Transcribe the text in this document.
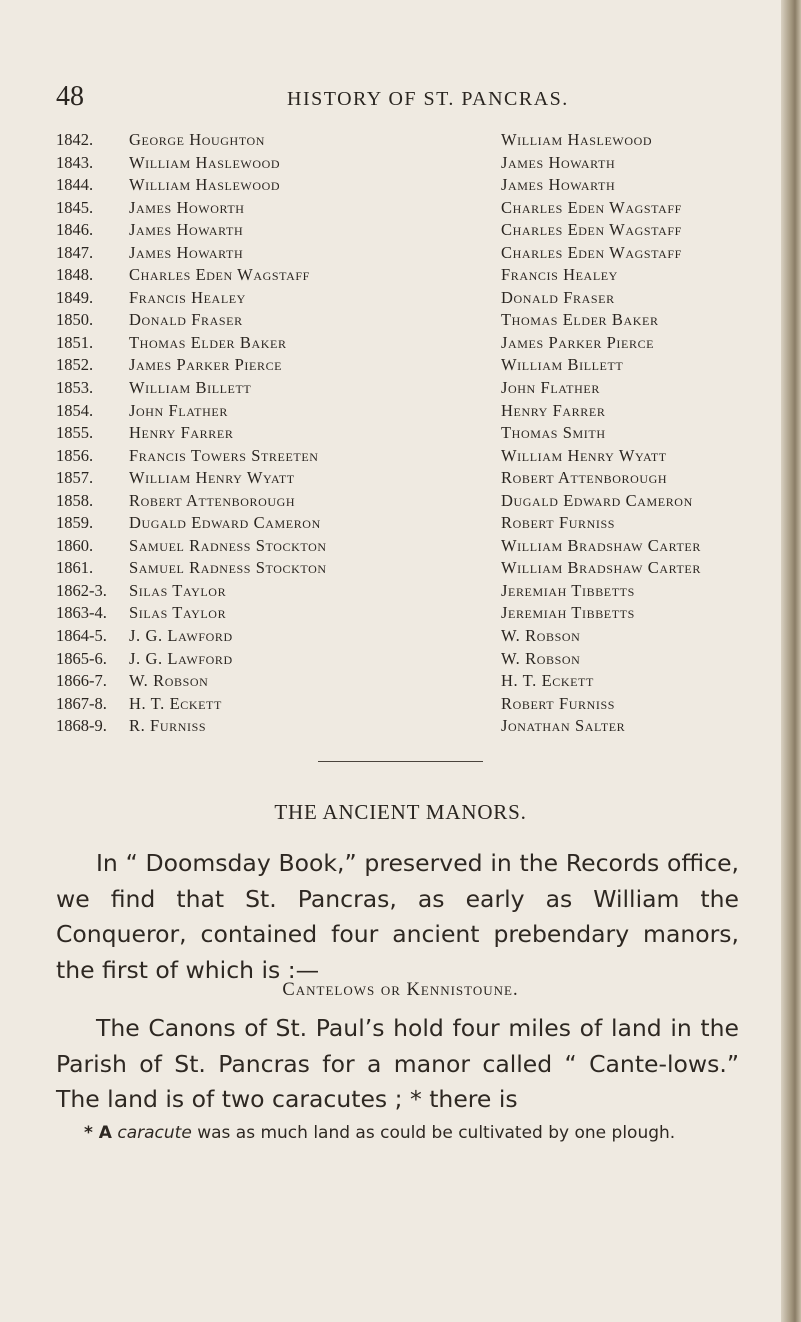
48	HISTORY OF ST. PANCRAS.
1842. George Houghton	William Haslewood
1843. William Haslewood	James Howarth
1844. William Haslewood	James Howarth
1845. James Howorth	Charles Eden Wagstaff
1846. James Howarth	Charles Eden Wagstaff
1847. James Howarth	Charles Eden Wagstaff
1848. Charles Eden Wagstaff	Francis Healey
1849. Francis Healey	Donald Fraser
1850. Donald Fraser	Thomas Elder Baker
1851. Thomas Elder Baker	James Parker Pierce
1852. James Parker Pierce	William Billett
1853. William Billett	John Flather
1854. John Flather	Henry Farrer
1855. Henry Farrer	Thomas Smith
1856. Francis Towers Streeten	William Henry Wyatt
1857. William Henry Wyatt	Robert Attenborough
1858. Robert Attenborough	Dugald Edward Cameron
1859. Dugald Edward Cameron	Robert Furniss
1860. Samuel Radness Stockton	William Bradshaw Carter
1861. Samuel Radness Stockton	William Bradshaw Carter
1862-3. Silas Taylor	Jeremiah Tibbetts
1863-4. Silas Taylor	Jeremiah Tibbetts
1864-5. J. G. Lawford	W. Robson
1865-6. J. G. Lawford	W. Robson
1866-7. W. Robson	H. T. Eckett
1867-8. H. T. Eckett	Robert Furniss
1868-9. R. Furniss	Jonathan Salter
THE ANCIENT MANORS.
In “ Doomsday Book,” preserved in the Records office, we find that St. Pancras, as early as William the Conqueror, contained four ancient prebendary manors, the first of which is :—
Cantelows or Kennistoune.
The Canons of St. Paul’s hold four miles of land in the Parish of St. Pancras for a manor called “ Cante-lows.” The land is of two caracutes ; * there is
* A caracute was as much land as could be cultivated by one plough.
